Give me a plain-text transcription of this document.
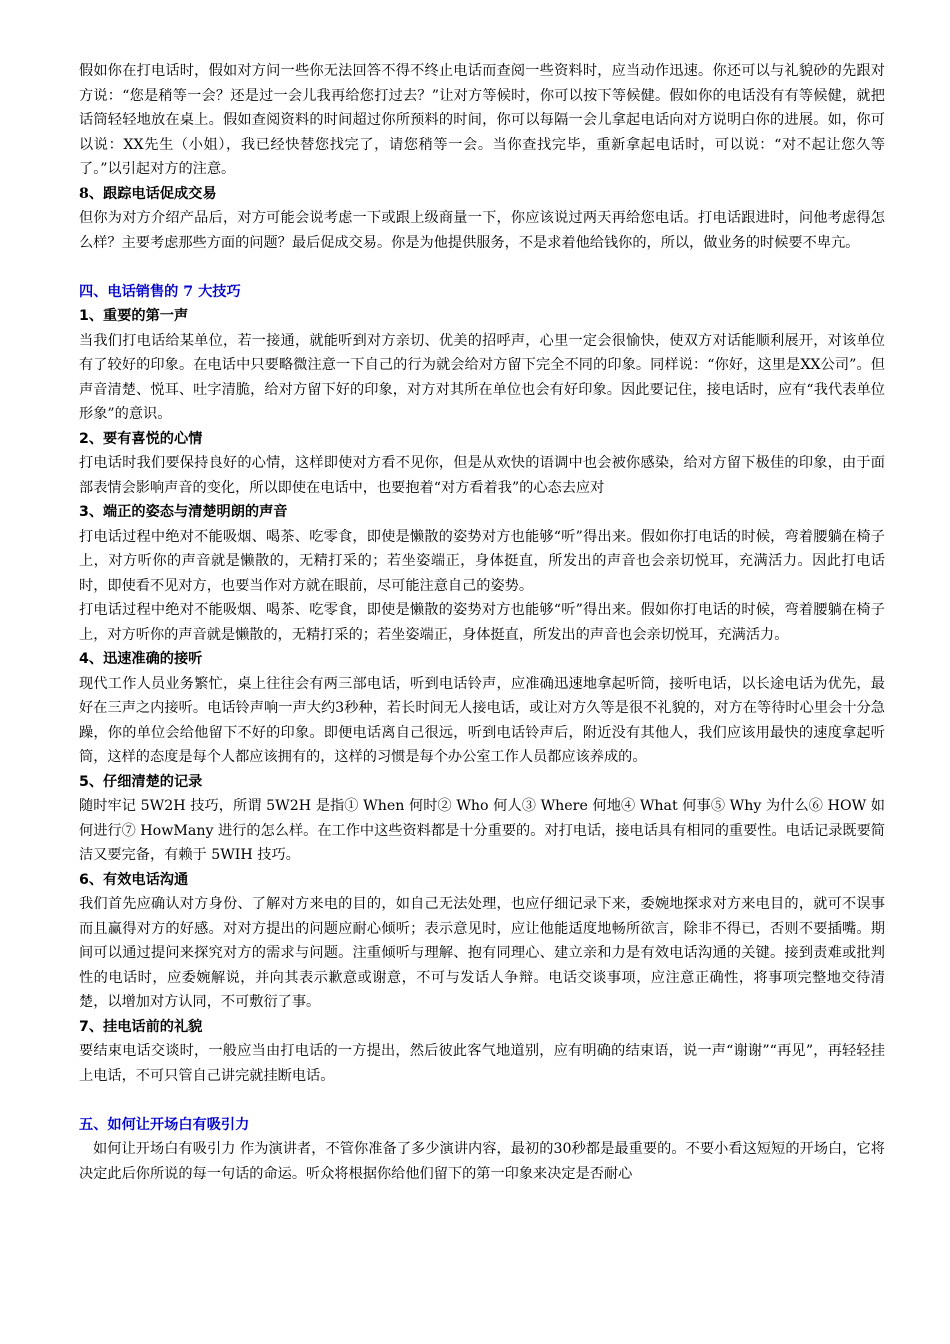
假如你在打电话时，假如对方问一些你无法回答不得不终止电话而查阅一些资料时，应当动作迅速。你还可以与礼貌砂的先跟对方说：“您是稍等一会？还是过一会儿我再给您打过去？”让对方等候时，你可以按下等候健。假如你的电话没有有等候健，就把话筒轻轻地放在桌上。假如查阅资料的时间超过你所预料的时间，你可以每隔一会儿拿起电话向对方说明白你的进展。如，你可以说：XX先生（小姐），我已经快替您找完了，请您稍等一会。当你查找完毕，重新拿起电话时，可以说：“对不起让您久等了。”以引起对方的注意。

8、跟踪电话促成交易

但你为对方介绍产品后，对方可能会说考虑一下或跟上级商量一下，你应该说过两天再给您电话。打电话跟进时，问他考虑得怎么样？主要考虑那些方面的问题？最后促成交易。你是为他提供服务，不是求着他给钱你的，所以，做业务的时候要不卑亢。

四、电话销售的 7 大技巧

1、重要的第一声

当我们打电话给某单位，若一接通，就能听到对方亲切、优美的招呼声，心里一定会很愉快，使双方对话能顺利展开，对该单位有了较好的印象。在电话中只要略微注意一下自己的行为就会给对方留下完全不同的印象。同样说：“你好，这里是XX公司”。但声音清楚、悦耳、吐字清脆，给对方留下好的印象，对方对其所在单位也会有好印象。因此要记住，接电话时，应有“我代表单位形象”的意识。

2、要有喜悦的心情

打电话时我们要保持良好的心情，这样即使对方看不见你，但是从欢快的语调中也会被你感染，给对方留下极佳的印象，由于面部表情会影响声音的变化，所以即使在电话中，也要抱着“对方看着我”的心态去应对

3、端正的姿态与清楚明朗的声音

打电话过程中绝对不能吸烟、喝茶、吃零食，即使是懒散的姿势对方也能够“听”得出来。假如你打电话的时候，弯着腰躺在椅子上，对方听你的声音就是懒散的，无精打采的；若坐姿端正，身体挺直，所发出的声音也会亲切悦耳，充满活力。因此打电话时，即使看不见对方，也要当作对方就在眼前，尽可能注意自己的姿势。

打电话过程中绝对不能吸烟、喝茶、吃零食，即使是懒散的姿势对方也能够“听”得出来。假如你打电话的时候，弯着腰躺在椅子上，对方听你的声音就是懒散的，无精打采的；若坐姿端正，身体挺直，所发出的声音也会亲切悦耳，充满活力。

4、迅速准确的接听

现代工作人员业务繁忙，桌上往往会有两三部电话，听到电话铃声，应准确迅速地拿起听筒，接听电话，以长途电话为优先，最好在三声之内接听。电话铃声响一声大约3秒种，若长时间无人接电话，或让对方久等是很不礼貌的，对方在等待时心里会十分急躁，你的单位会给他留下不好的印象。即便电话离自己很远，听到电话铃声后，附近没有其他人，我们应该用最快的速度拿起听筒，这样的态度是每个人都应该拥有的，这样的习惯是每个办公室工作人员都应该养成的。

5、仔细清楚的记录

随时牢记 5W2H 技巧，所谓 5W2H 是指① When 何时② Who 何人③ Where 何地④ What 何事⑤ Why 为什么⑥ HOW 如何进行⑦ HowMany 进行的怎么样。在工作中这些资料都是十分重要的。对打电话，接电话具有相同的重要性。电话记录既要简洁又要完备，有赖于 5WIH 技巧。

6、有效电话沟通

我们首先应确认对方身份、了解对方来电的目的，如自己无法处理，也应仔细记录下来，委婉地探求对方来电目的，就可不误事而且赢得对方的好感。对对方提出的问题应耐心倾听；表示意见时，应让他能适度地畅所欲言，除非不得已，否则不要插嘴。期间可以通过提问来探究对方的需求与问题。注重倾听与理解、抱有同理心、建立亲和力是有效电话沟通的关键。接到责难或批判性的电话时，应委婉解说，并向其表示歉意或谢意，不可与发话人争辩。电话交谈事项，应注意正确性，将事项完整地交待清楚，以增加对方认同，不可敷衍了事。

7、挂电话前的礼貌

要结束电话交谈时，一般应当由打电话的一方提出，然后彼此客气地道别，应有明确的结束语，说一声“谢谢”“再见”，再轻轻挂上电话，不可只管自己讲完就挂断电话。

五、如何让开场白有吸引力

如何让开场白有吸引力 作为演讲者，不管你准备了多少演讲内容，最初的30秒都是最重要的。不要小看这短短的开场白，它将决定此后你所说的每一句话的命运。听众将根据你给他们留下的第一印象来决定是否耐心
